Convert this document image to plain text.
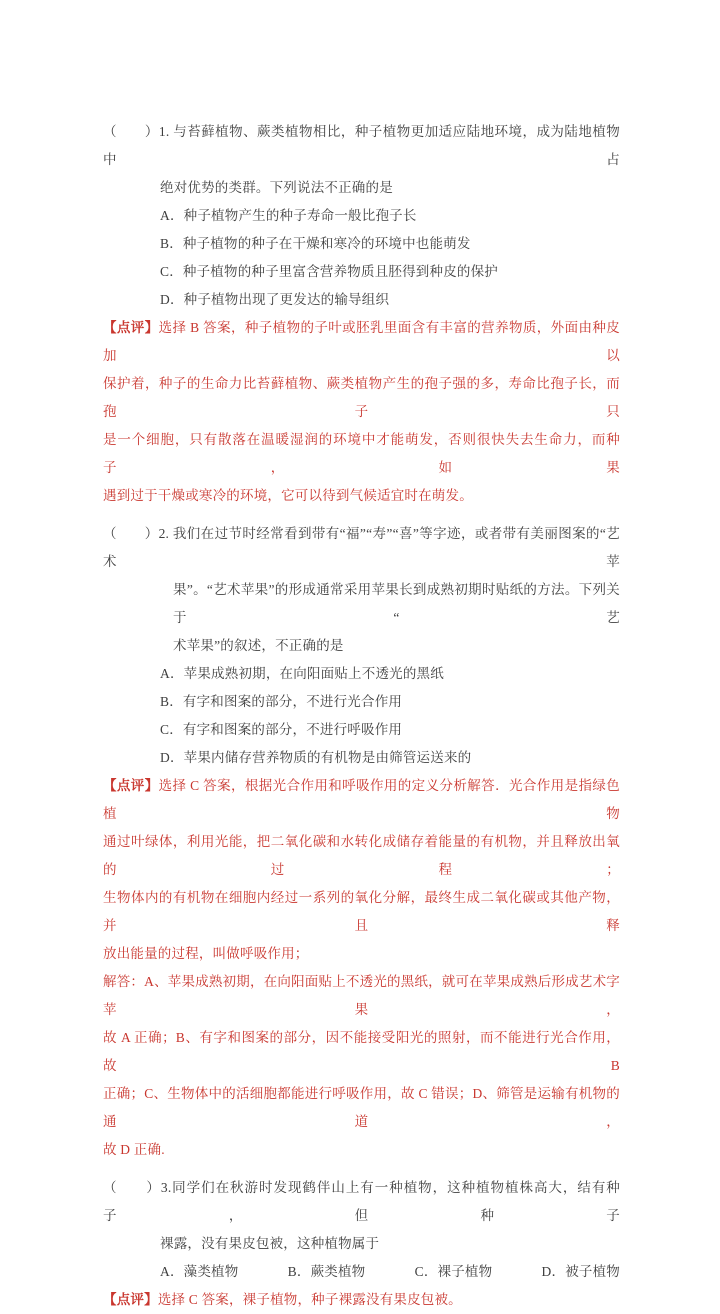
（　　）1. 与苔藓植物、蕨类植物相比，种子植物更加适应陆地环境，成为陆地植物中占
绝对优势的类群。下列说法不正确的是
A．种子植物产生的种子寿命一般比孢子长
B．种子植物的种子在干燥和寒冷的环境中也能萌发
C．种子植物的种子里富含营养物质且胚得到种皮的保护
D．种子植物出现了更发达的输导组织
【点评】选择 B 答案，种子植物的子叶或胚乳里面含有丰富的营养物质，外面由种皮加以
保护着，种子的生命力比苔藓植物、蕨类植物产生的孢子强的多，寿命比孢子长，而孢子只
是一个细胞，只有散落在温暖湿润的环境中才能萌发，否则很快失去生命力，而种子，如果
遇到过于干燥或寒冷的环境，它可以待到气候适宜时在萌发。
（　　）2. 我们在过节时经常看到带有“福”“寿”“喜”等字迹，或者带有美丽图案的“艺术苹
果”。“艺术苹果”的形成通常采用苹果长到成熟初期时贴纸的方法。下列关于“艺
术苹果”的叙述，不正确的是
A．苹果成熟初期，在向阳面贴上不透光的黑纸
B．有字和图案的部分，不进行光合作用
C．有字和图案的部分，不进行呼吸作用
D．苹果内储存营养物质的有机物是由筛管运送来的
【点评】选择 C 答案，根据光合作用和呼吸作用的定义分析解答．光合作用是指绿色植物
通过叶绿体，利用光能，把二氧化碳和水转化成储存着能量的有机物，并且释放出氧的过程；
生物体内的有机物在细胞内经过一系列的氧化分解，最终生成二氧化碳或其他产物，并且释
放出能量的过程，叫做呼吸作用；
解答：A、苹果成熟初期，在向阳面贴上不透光的黑纸，就可在苹果成熟后形成艺术字苹果，
故 A 正确；B、有字和图案的部分，因不能接受阳光的照射，而不能进行光合作用，故 B
正确；C、生物体中的活细胞都能进行呼吸作用，故 C 错误；D、筛管是运输有机物的通道，
故 D 正确.
（　　）3.同学们在秋游时发现鹤伴山上有一种植物，这种植物植株高大，结有种子，但种子
裸露，没有果皮包被，这种植物属于
A．藻类植物	B．蕨类植物	C．裸子植物	D．被子植物
【点评】选择 C 答案，裸子植物，种子裸露没有果皮包被。
